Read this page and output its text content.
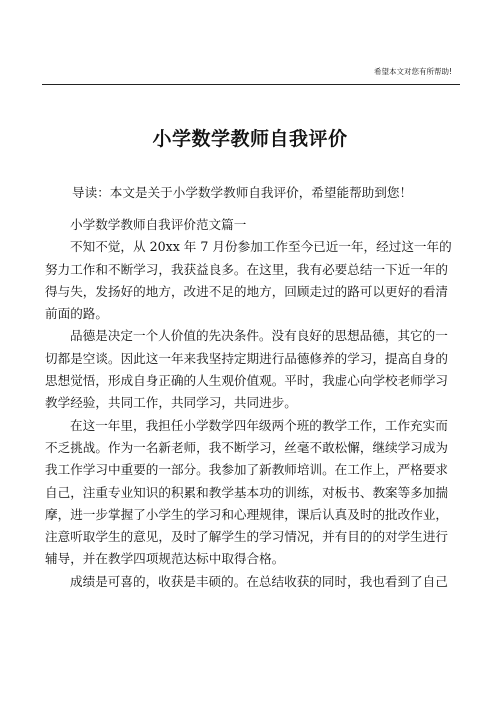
希望本文对您有所帮助!
小学数学教师自我评价
导读：本文是关于小学数学教师自我评价，希望能帮助到您！
小学数学教师自我评价范文篇一
不知不觉，从 20xx 年 7 月份参加工作至今已近一年，经过这一年的
努力工作和不断学习，我获益良多。在这里，我有必要总结一下近一年的
得与失，发扬好的地方，改进不足的地方，回顾走过的路可以更好的看清
前面的路。
品德是决定一个人价值的先决条件。没有良好的思想品德，其它的一
切都是空谈。因此这一年来我坚持定期进行品德修养的学习，提高自身的
思想觉悟，形成自身正确的人生观价值观。平时，我虚心向学校老师学习
教学经验，共同工作，共同学习，共同进步。
在这一年里，我担任小学数学四年级两个班的教学工作，工作充实而
不乏挑战。作为一名新老师，我不断学习，丝毫不敢松懈，继续学习成为
我工作学习中重要的一部分。我参加了新教师培训。在工作上，严格要求
自己，注重专业知识的积累和教学基本功的训练，对板书、教案等多加揣
摩，进一步掌握了小学生的学习和心理规律，课后认真及时的批改作业，
注意听取学生的意见，及时了解学生的学习情况，并有目的的对学生进行
辅导，并在教学四项规范达标中取得合格。
成绩是可喜的，收获是丰硕的。在总结收获的同时，我也看到了自己
